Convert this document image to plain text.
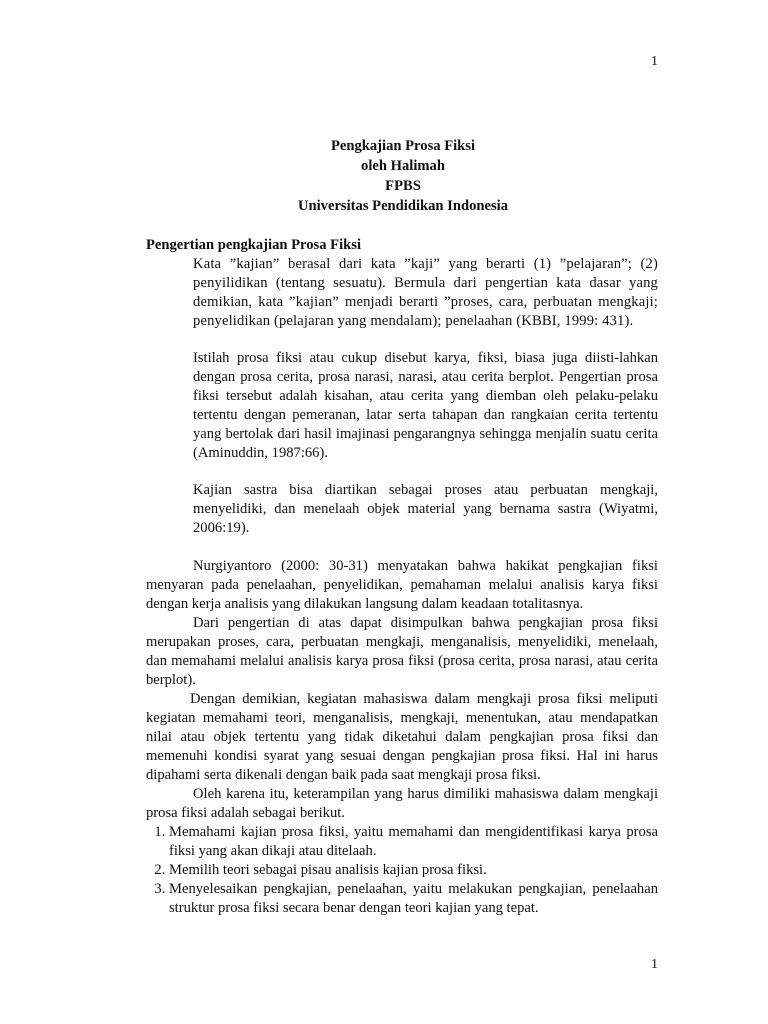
1
Pengkajian Prosa Fiksi
oleh Halimah
FPBS
Universitas Pendidikan Indonesia
Pengertian pengkajian Prosa Fiksi
Kata ”kajian” berasal dari kata ”kaji” yang berarti (1) ”pelajaran”; (2) penyilidikan (tentang sesuatu). Bermula dari pengertian kata dasar yang demikian, kata ”kajian” menjadi berarti ”proses, cara, perbuatan mengkaji; penyelidikan (pelajaran yang mendalam); penelaahan (KBBI, 1999: 431).
Istilah prosa fiksi atau cukup disebut karya, fiksi, biasa juga diisti-lahkan dengan prosa cerita, prosa narasi, narasi, atau cerita berplot. Pengertian prosa fiksi tersebut adalah kisahan, atau cerita yang diemban oleh pelaku-pelaku tertentu dengan pemeranan, latar serta tahapan dan rangkaian cerita tertentu yang bertolak dari hasil imajinasi pengarangnya sehingga menjalin suatu cerita (Aminuddin, 1987:66).
Kajian sastra bisa diartikan sebagai proses atau perbuatan mengkaji, menyelidiki, dan menelaah objek material yang bernama sastra (Wiyatmi, 2006:19).
Nurgiyantoro (2000: 30-31) menyatakan bahwa hakikat pengkajian fiksi menyaran pada penelaahan, penyelidikan, pemahaman melalui analisis karya fiksi dengan kerja analisis yang dilakukan langsung dalam keadaan totalitasnya.
Dari pengertian di atas dapat disimpulkan bahwa pengkajian prosa fiksi merupakan proses, cara, perbuatan mengkaji, menganalisis, menyelidiki, menelaah, dan memahami melalui analisis karya prosa fiksi (prosa cerita, prosa narasi, atau cerita berplot).
Dengan demikian, kegiatan mahasiswa dalam mengkaji prosa fiksi meliputi kegiatan memahami teori, menganalisis, mengkaji, menentukan, atau mendapatkan nilai atau objek tertentu yang tidak diketahui dalam pengkajian prosa fiksi dan memenuhi kondisi syarat yang sesuai dengan pengkajian prosa fiksi. Hal ini harus dipahami serta dikenali dengan baik pada saat mengkaji prosa fiksi.
Oleh karena itu, keterampilan yang harus dimiliki mahasiswa dalam mengkaji prosa fiksi adalah sebagai berikut.
1. Memahami kajian prosa fiksi, yaitu memahami dan mengidentifikasi karya prosa fiksi yang akan dikaji atau ditelaah.
2. Memilih teori sebagai pisau analisis kajian prosa fiksi.
3. Menyelesaikan pengkajian, penelaahan, yaitu melakukan pengkajian, penelaahan struktur prosa fiksi secara benar dengan teori kajian yang tepat.
1
